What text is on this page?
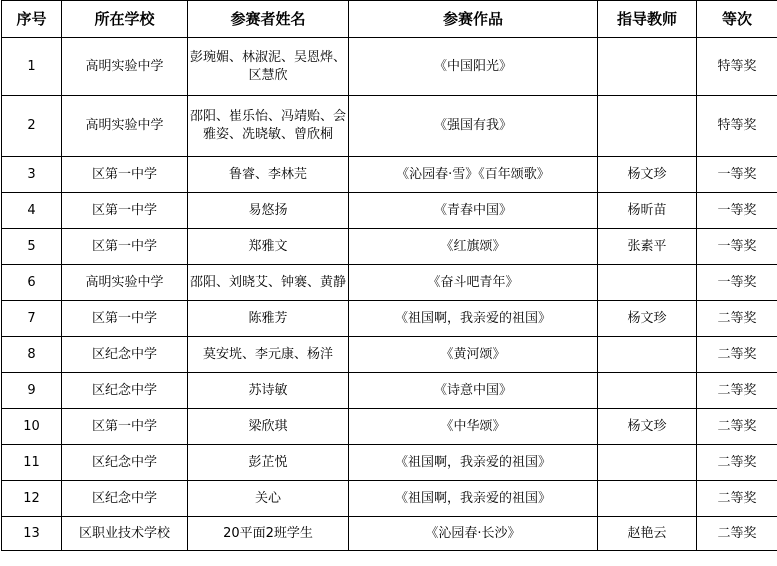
序号	所在学校	参赛者姓名	参赛作品	指导教师	等次
1	高明实验中学	彭琬媚、林淑泥、吴恩烨、区慧欣	《中国阳光》		特等奖
2	高明实验中学	邵阳、崔乐怡、冯靖贻、会雅姿、冼晓敏、曾欣桐	《强国有我》		特等奖
3	区第一中学	鲁睿、李林芫	《沁园春·雪》《百年颂歌》	杨文珍	一等奖
4	区第一中学	易悠扬	《青春中国》	杨昕苗	一等奖
5	区第一中学	郑雅文	《红旗颂》	张素平	一等奖
6	高明实验中学	邵阳、刘晓艾、钟褰、黄静	《奋斗吧青年》		一等奖
7	区第一中学	陈雅芳	《祖国啊，我亲爱的祖国》	杨文珍	二等奖
8	区纪念中学	莫安垙、李元康、杨洋	《黄河颂》		二等奖
9	区纪念中学	苏诗敏	《诗意中国》		二等奖
10	区第一中学	梁欣琪	《中华颂》	杨文珍	二等奖
11	区纪念中学	彭芷悦	《祖国啊，我亲爱的祖国》		二等奖
12	区纪念中学	关心	《祖国啊，我亲爱的祖国》		二等奖
13	区职业技术学校	20平面2班学生	《沁园春·长沙》	赵艳云	二等奖
